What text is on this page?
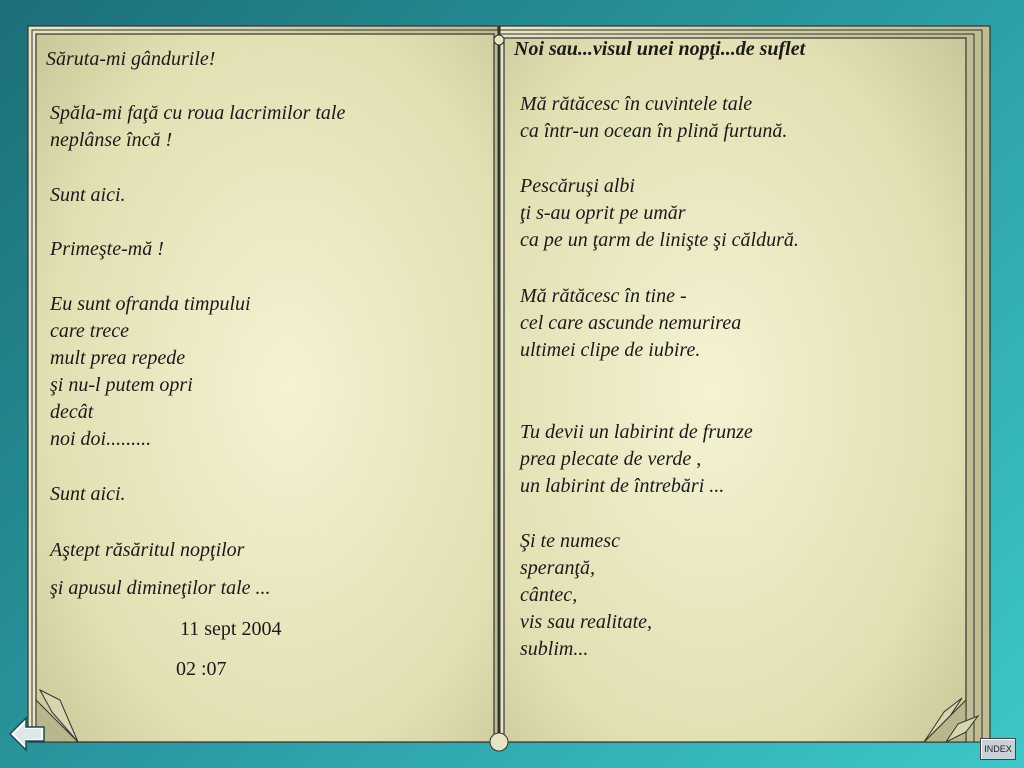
Săruta-mi gândurile!

Spăla-mi faţă cu roua lacrimilor tale
neplânse încă !

Sunt aici.

Primeşte-mă !

Eu sunt ofranda timpului
care trece
mult prea repede
şi nu-l putem opri
decât
noi doi.........

Sunt aici.

Aştept răsăritul nopţilor

şi apusul dimineţilor tale ...

11 sept 2004

02 :07

Noi sau...visul unei nopţi...de suflet

Mă rătăcesc în cuvintele tale
ca într-un ocean în plină furtună.

Pescăruşi albi
ţi s-au oprit pe umăr
ca pe un ţarm de linişte şi căldură.

Mă rătăcesc în tine -
cel care ascunde nemurirea
ultimei clipe de iubire.

Tu devii un labirint de frunze
prea plecate de verde ,
un labirint de întrebări ...

Şi te numesc
speranţă,
cântec,
vis sau realitate,
sublim...

INDEX
